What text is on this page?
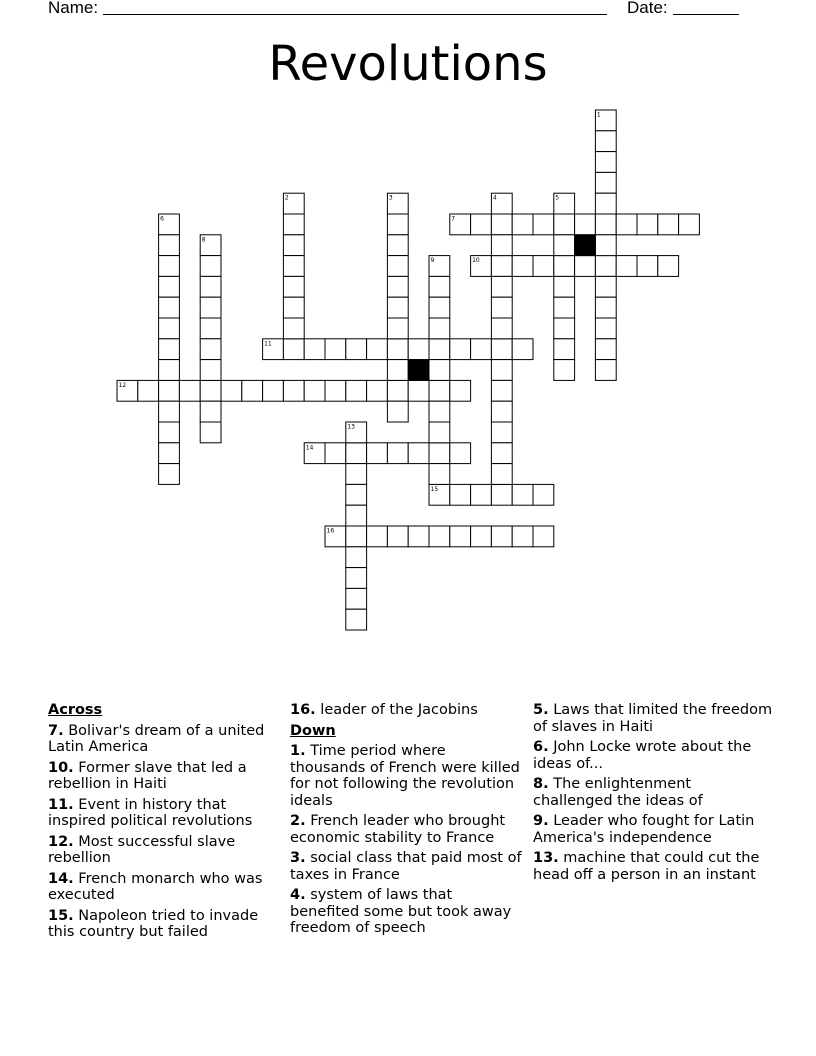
Name:	Date:
Revolutions
7
10
11
12
14
15
16
1
2	3	4	5
6
8
9
13
Across
7. Bolivar's dream of a united Latin America
10. Former slave that led a rebellion in Haiti
11. Event in history that inspired political revolutions
12. Most successful slave rebellion
14. French monarch who was executed
15. Napoleon tried to invade this country but failed
16. leader of the Jacobins
Down
1. Time period where thousands of French were killed for not following the revolution ideals
2. French leader who brought economic stability to France
3. social class that paid most of taxes in France
4. system of laws that benefited some but took away freedom of speech
5. Laws that limited the freedom of slaves in Haiti
6. John Locke wrote about the ideas of...
8. The enlightenment challenged the ideas of
9. Leader who fought for Latin America's independence
13. machine that could cut the head off a person in an instant
